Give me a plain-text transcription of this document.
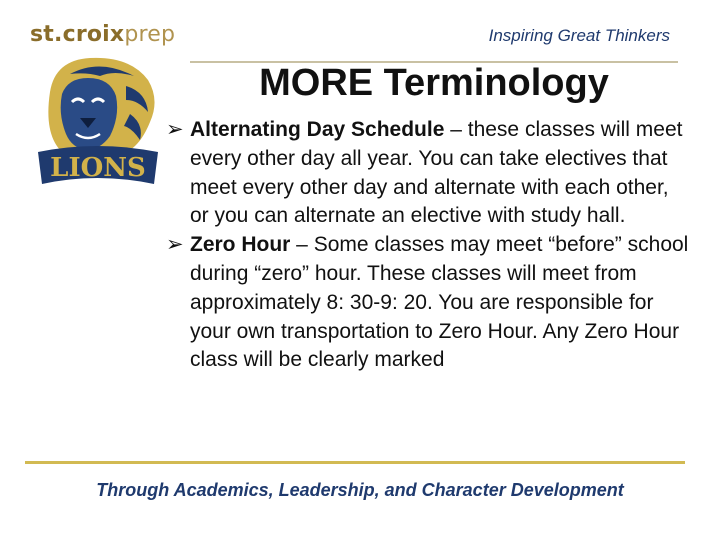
st.croixprep	Inspiring Great Thinkers
LIONS
MORE Terminology
➢ Alternating Day Schedule – these classes will meet every other day all year. You can take electives that meet every other day and alternate with each other, or you can alternate an elective with study hall.
➢ Zero Hour – Some classes may meet “before” school during “zero” hour. These classes will meet from approximately 8: 30-9: 20. You are responsible for your own transportation to Zero Hour. Any Zero Hour class will be clearly marked
Through Academics, Leadership, and Character Development
